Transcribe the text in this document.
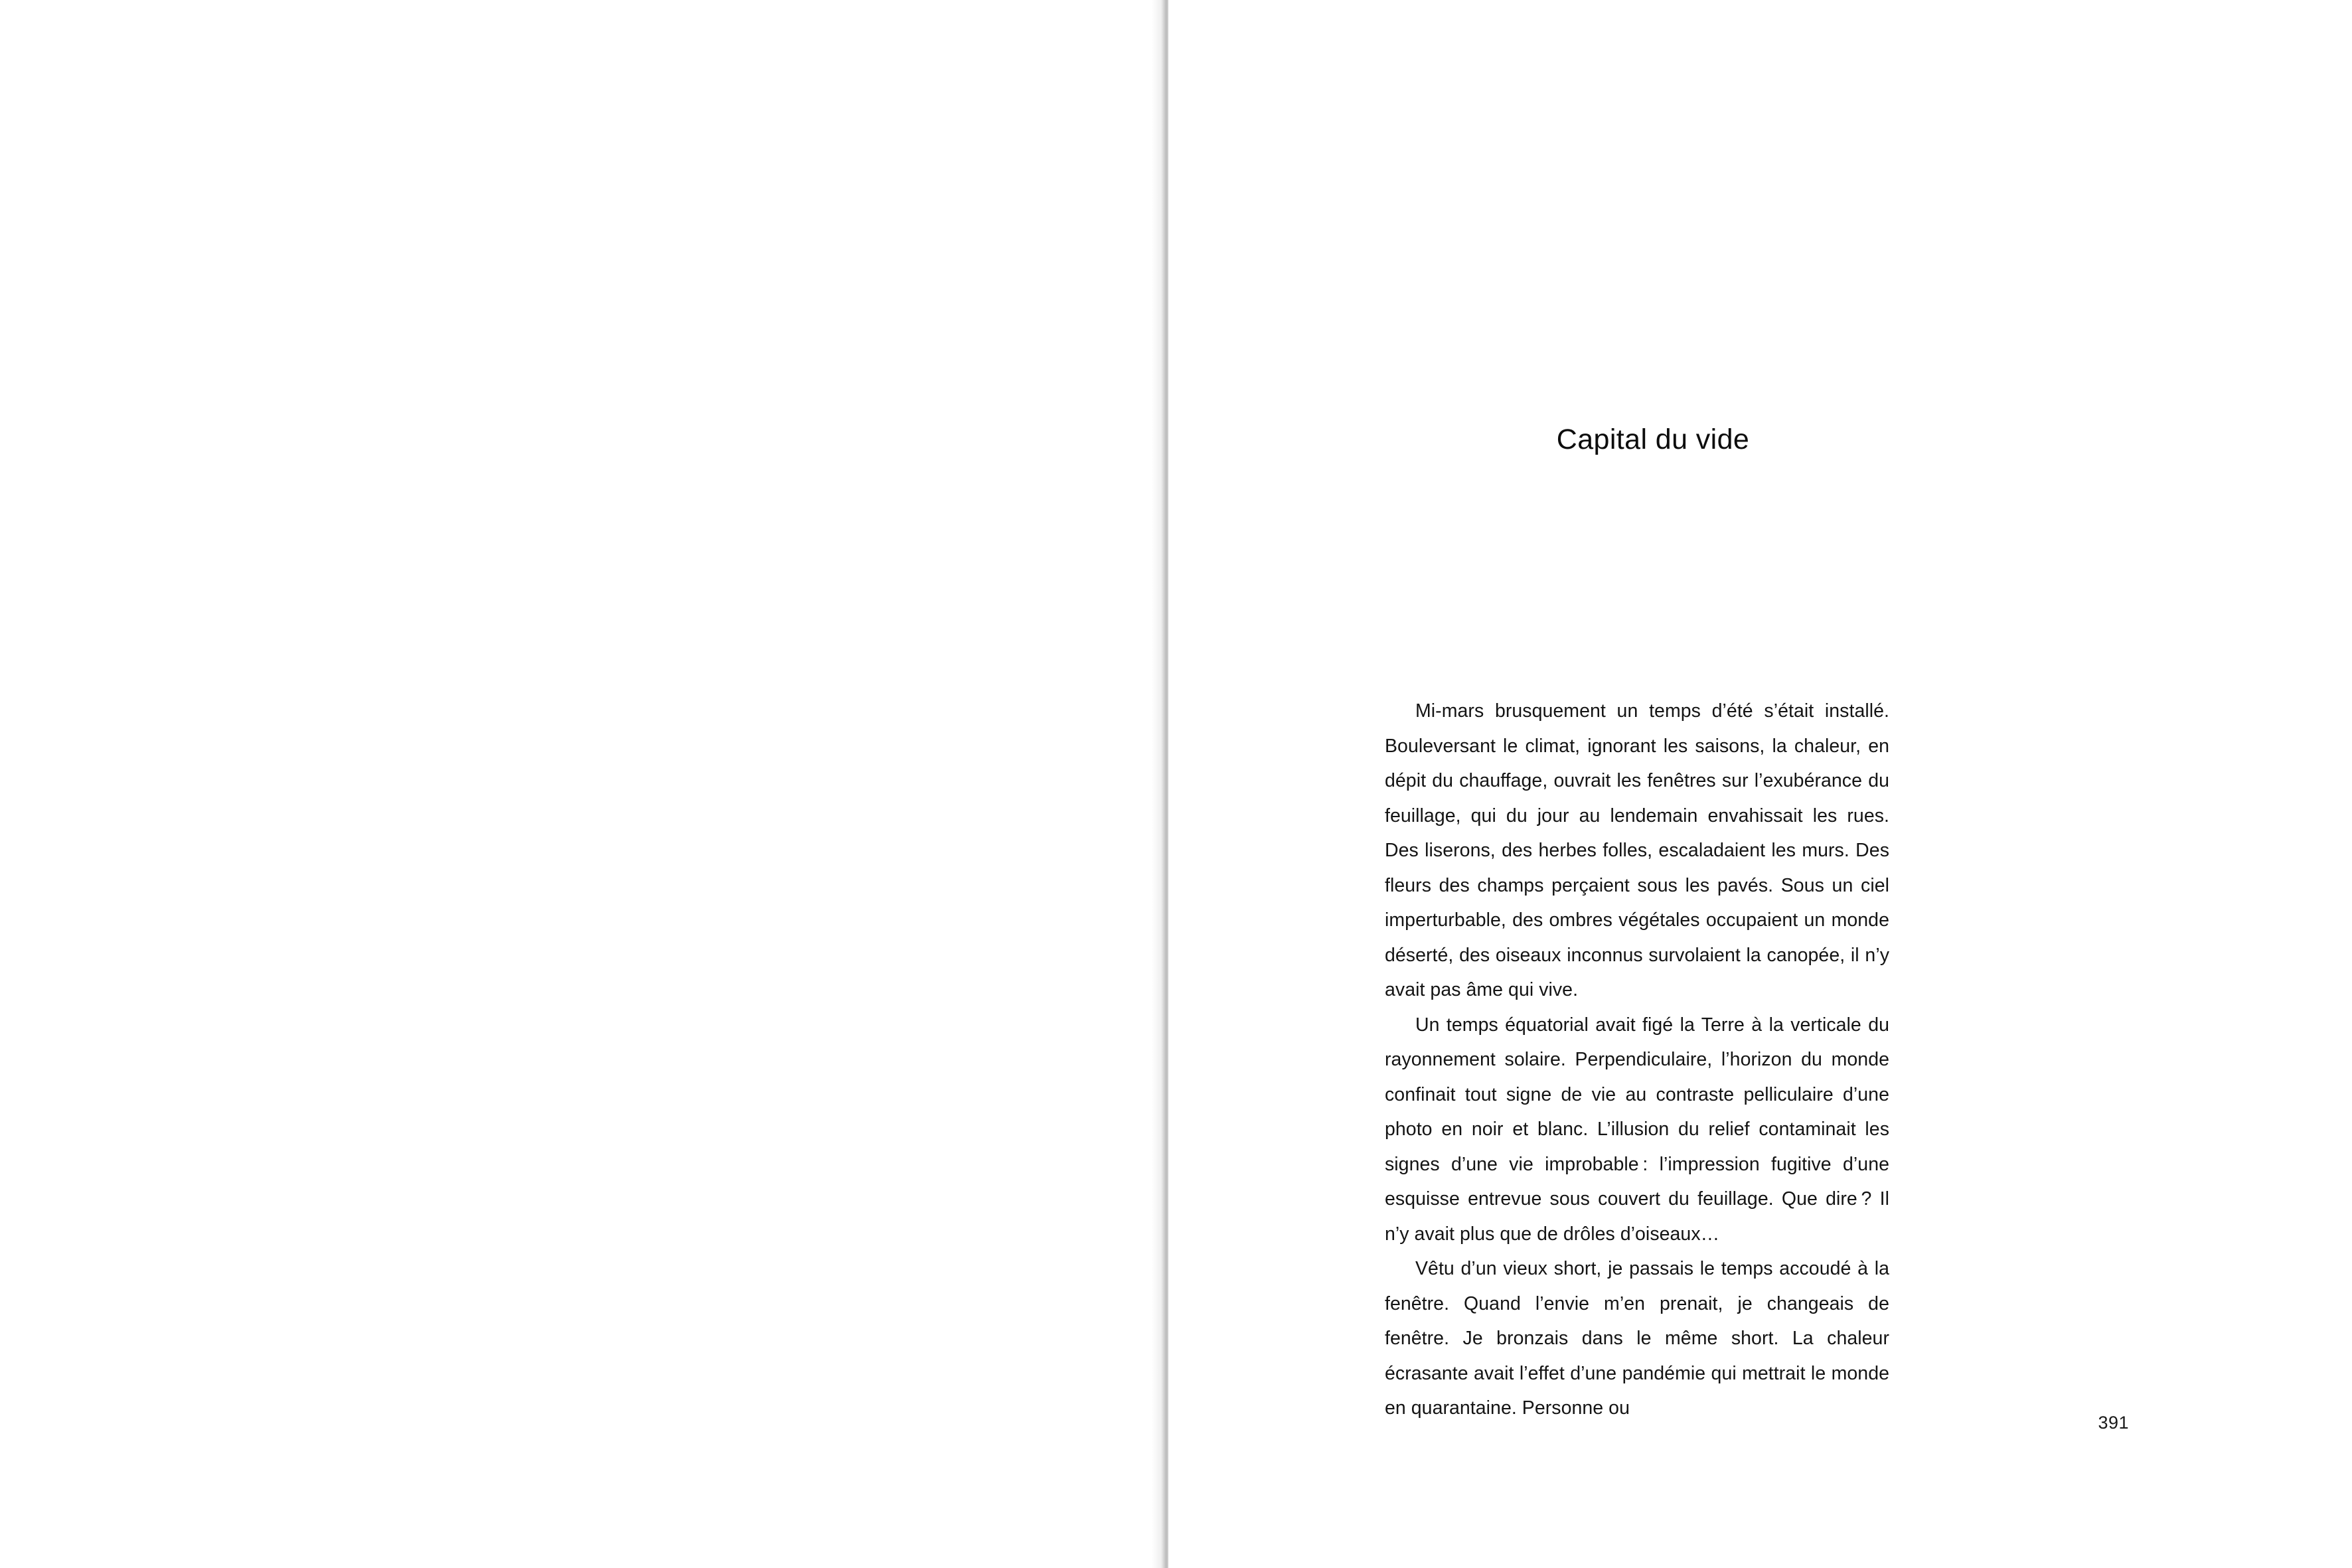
Capital du vide

Mi-mars brusquement un temps d’été s’était installé. Bouleversant le climat, ignorant les saisons, la chaleur, en dépit du chauffage, ouvrait les fenêtres sur l’exubérance du feuillage, qui du jour au lendemain envahissait les rues. Des liserons, des herbes folles, escaladaient les murs. Des fleurs des champs perçaient sous les pavés. Sous un ciel imperturbable, des ombres végétales occupaient un monde déserté, des oiseaux inconnus survolaient la canopée, il n’y avait pas âme qui vive.

Un temps équatorial avait figé la Terre à la verticale du rayonnement solaire. Perpendiculaire, l’horizon du monde confinait tout signe de vie au contraste pelliculaire d’une photo en noir et blanc. L’illusion du relief contaminait les signes d’une vie improbable : l’impression fugitive d’une esquisse entrevue sous couvert du feuillage. Que dire ? Il n’y avait plus que de drôles d’oiseaux…

Vêtu d’un vieux short, je passais le temps accoudé à la fenêtre. Quand l’envie m’en prenait, je changeais de fenêtre. Je bronzais dans le même short. La chaleur écrasante avait l’effet d’une pandémie qui mettrait le monde en quarantaine. Personne ou

391
